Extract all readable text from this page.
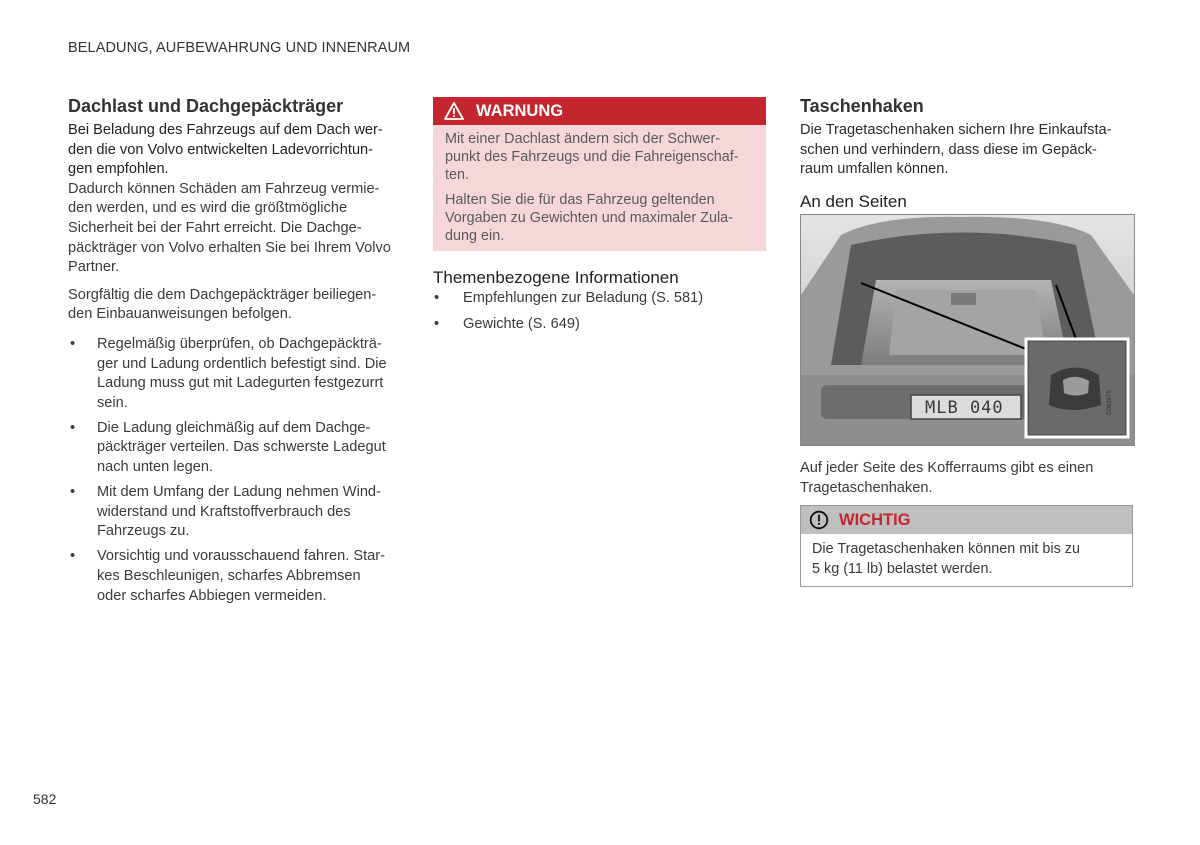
BELADUNG, AUFBEWAHRUNG UND INNENRAUM
Dachlast und Dachgepäckträger

Bei Beladung des Fahrzeugs auf dem Dach wer-
den die von Volvo entwickelten Ladevorrichtun-
gen empfohlen.

Dadurch können Schäden am Fahrzeug vermie-
den werden, und es wird die größtmögliche
Sicherheit bei der Fahrt erreicht. Die Dachge-
päckträger von Volvo erhalten Sie bei Ihrem Volvo
Partner.

Sorgfältig die dem Dachgepäckträger beiliegen-
den Einbauanweisungen befolgen.

• Regelmäßig überprüfen, ob Dachgepäckträ-
ger und Ladung ordentlich befestigt sind. Die
Ladung muss gut mit Ladegurten festgezurrt
sein.
• Die Ladung gleichmäßig auf dem Dachge-
päckträger verteilen. Das schwerste Ladegut
nach unten legen.
• Mit dem Umfang der Ladung nehmen Wind-
widerstand und Kraftstoffverbrauch des
Fahrzeugs zu.
• Vorsichtig und vorausschauend fahren. Star-
kes Beschleunigen, scharfes Abbremsen
oder scharfes Abbiegen vermeiden.
WARNUNG

Mit einer Dachlast ändern sich der Schwer-
punkt des Fahrzeugs und die Fahreigenschaf-
ten.

Halten Sie die für das Fahrzeug geltenden
Vorgaben zu Gewichten und maximaler Zula-
dung ein.

Themenbezogene Informationen
• Empfehlungen zur Beladung (S. 581)
• Gewichte (S. 649)
Taschenhaken

Die Tragetaschenhaken sichern Ihre Einkaufsta-
schen und verhindern, dass diese im Gepäck-
raum umfallen können.

An den Seiten
MLB 040	G062675

Auf jeder Seite des Kofferraums gibt es einen
Tragetaschenhaken.

WICHTIG
Die Tragetaschenhaken können mit bis zu
5 kg (11 lb) belastet werden.
582
